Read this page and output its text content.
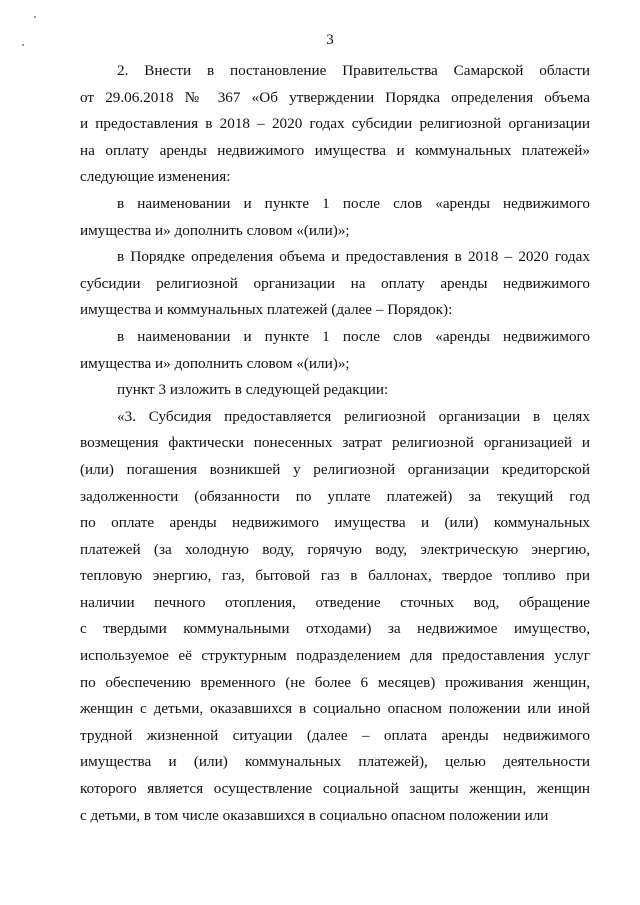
3

2. Внести в постановление Правительства Самарской области
от 29.06.2018 № 367 «Об утверждении Порядка определения объема
и предоставления в 2018 – 2020 годах субсидии религиозной организации
на оплату аренды недвижимого имущества и коммунальных платежей»
следующие изменения:

в наименовании и пункте 1 после слов «аренды недвижимого
имущества и» дополнить словом «(или)»;

в Порядке определения объема и предоставления в 2018 – 2020 годах
субсидии религиозной организации на оплату аренды недвижимого
имущества и коммунальных платежей (далее – Порядок):

в наименовании и пункте 1 после слов «аренды недвижимого
имущества и» дополнить словом «(или)»;

пункт 3 изложить в следующей редакции:

«3. Субсидия предоставляется религиозной организации в целях
возмещения фактически понесенных затрат религиозной организацией и
(или) погашения возникшей у религиозной организации кредиторской
задолженности (обязанности по уплате платежей) за текущий год
по оплате аренды недвижимого имущества и (или) коммунальных
платежей (за холодную воду, горячую воду, электрическую энергию,
тепловую энергию, газ, бытовой газ в баллонах, твердое топливо при
наличии печного отопления, отведение сточных вод, обращение
с твердыми коммунальными отходами) за недвижимое имущество,
используемое её структурным подразделением для предоставления услуг
по обеспечению временного (не более 6 месяцев) проживания женщин,
женщин с детьми, оказавшихся в социально опасном положении или иной
трудной жизненной ситуации (далее – оплата аренды недвижимого
имущества и (или) коммунальных платежей), целью деятельности
которого является осуществление социальной защиты женщин, женщин
с детьми, в том числе оказавшихся в социально опасном положении или
